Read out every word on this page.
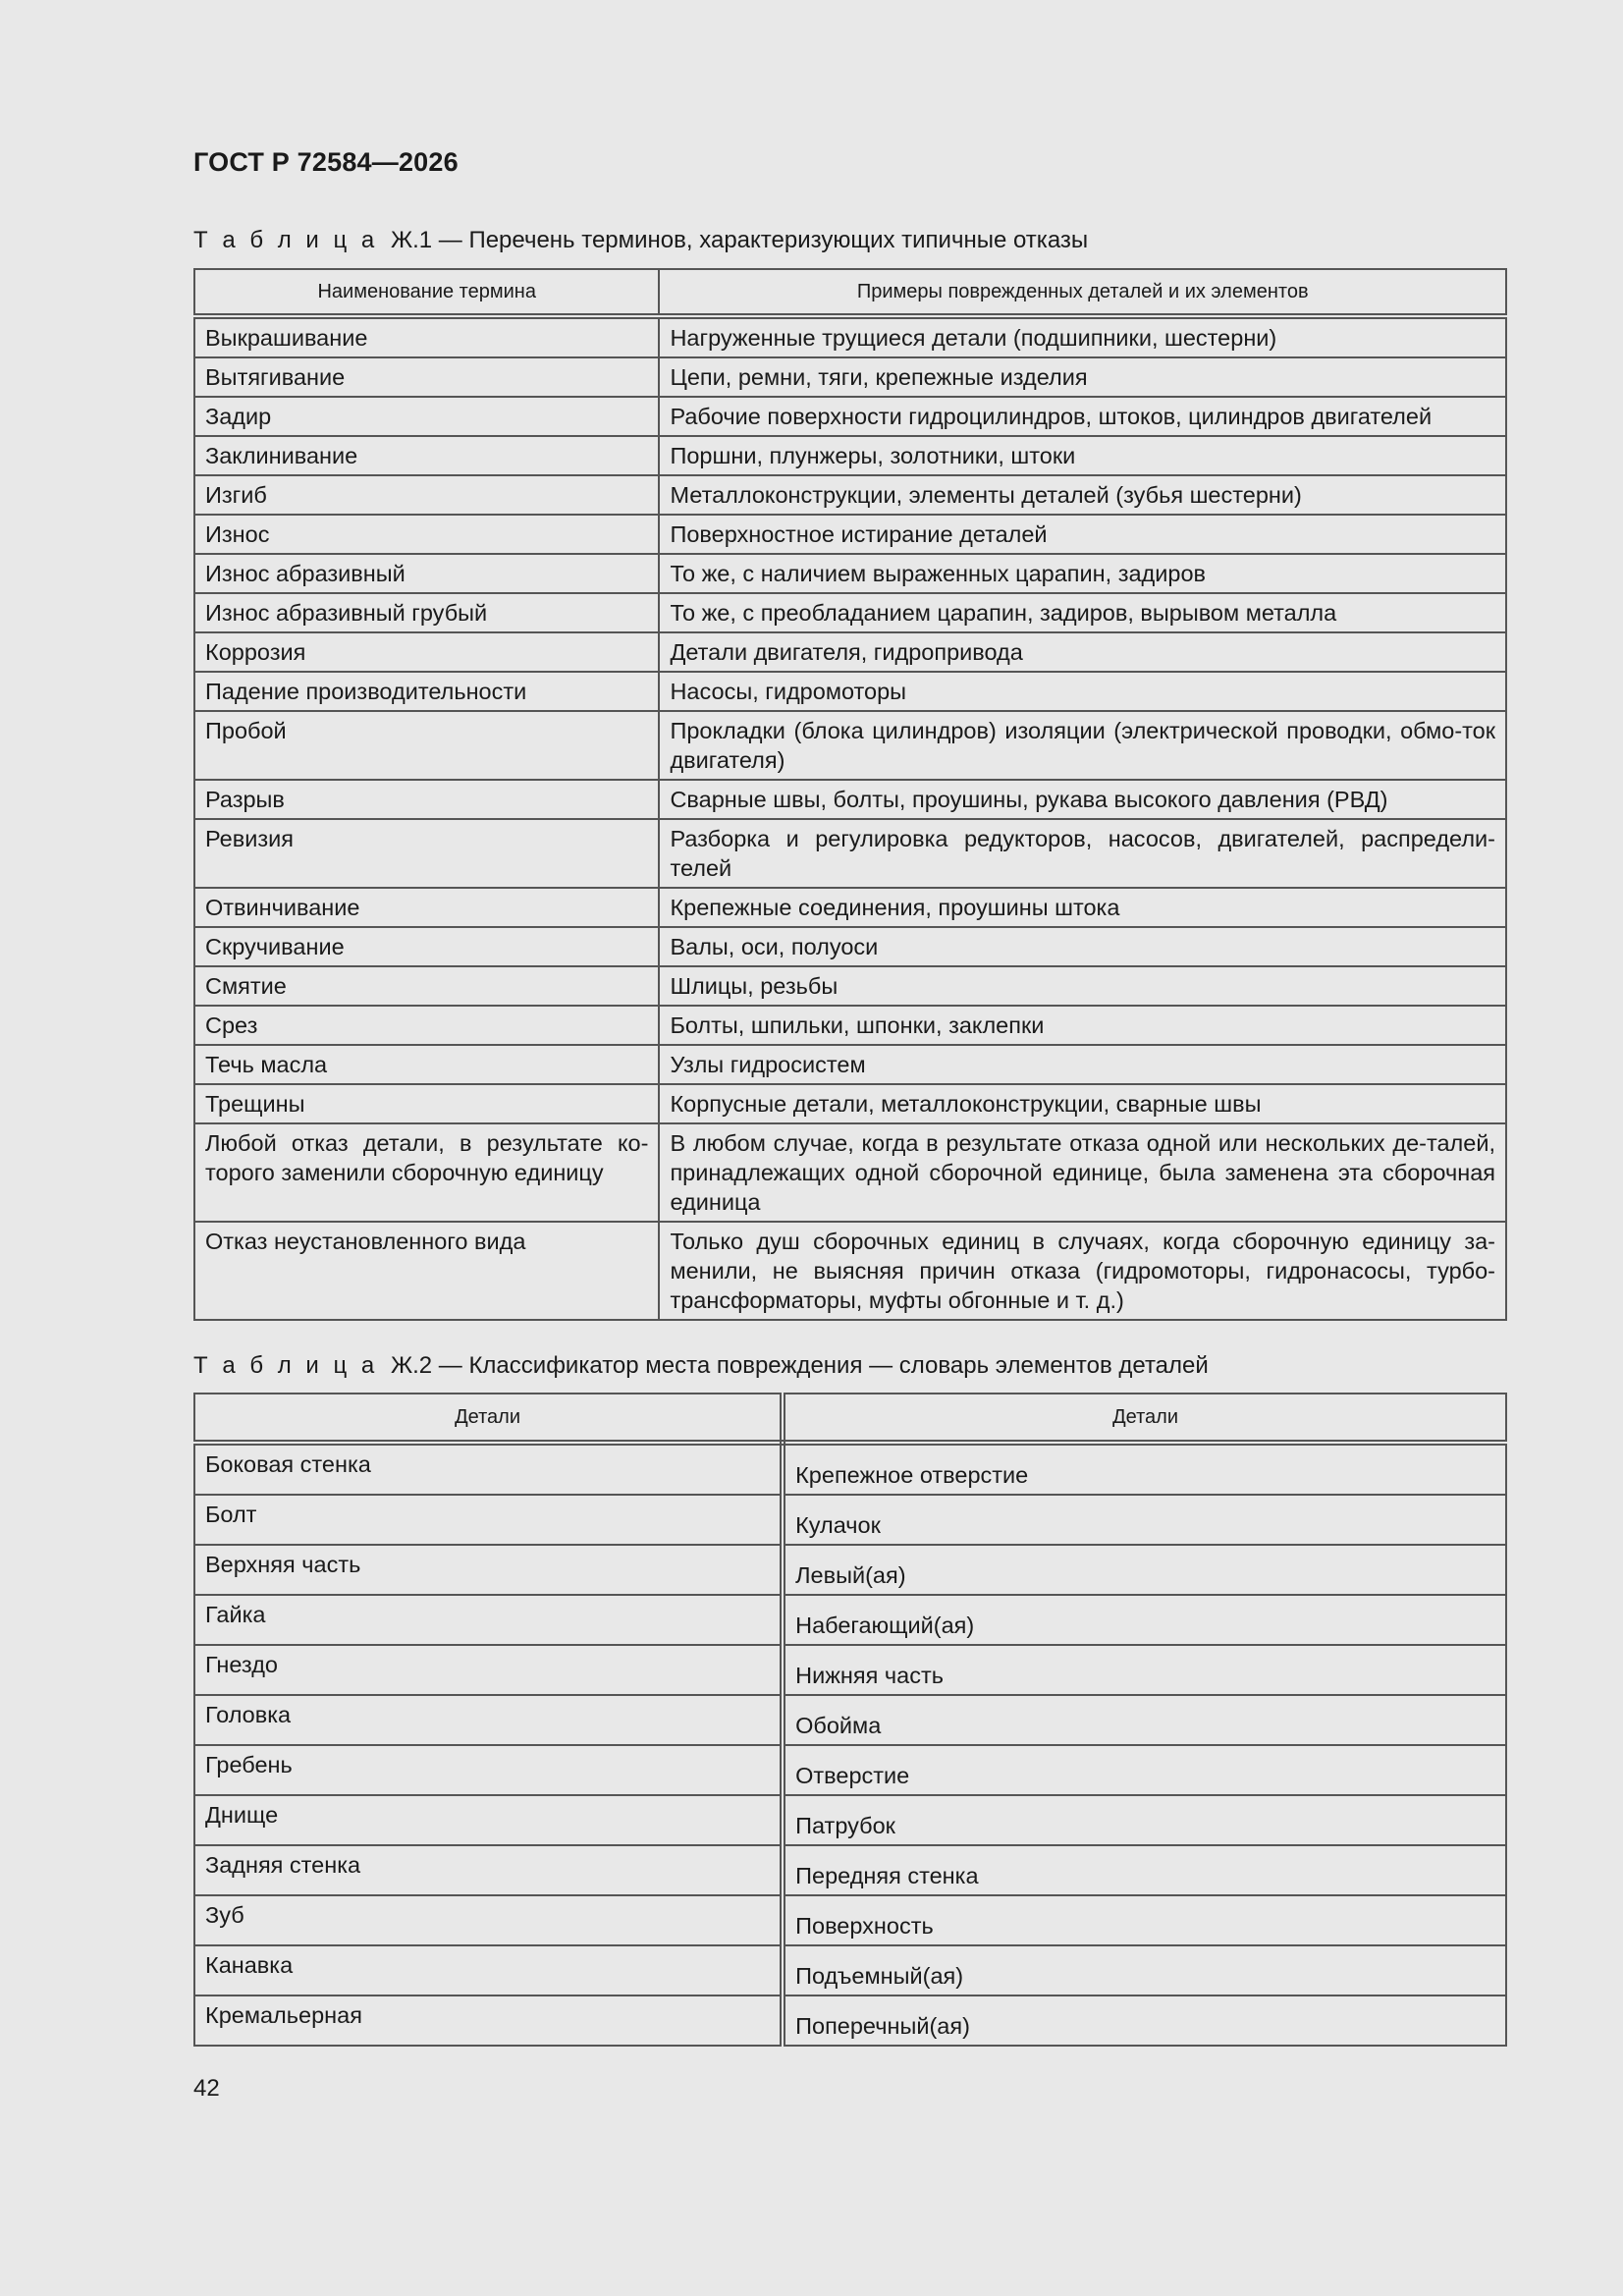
ГОСТ Р 72584—2026
Т а б л и ц а Ж.1 — Перечень терминов, характеризующих типичные отказы
Наименование термина	Примеры поврежденных деталей и их элементов
Выкрашивание	Нагруженные трущиеся детали (подшипники, шестерни)
Вытягивание	Цепи, ремни, тяги, крепежные изделия
Задир	Рабочие поверхности гидроцилиндров, штоков, цилиндров двигателей
Заклинивание	Поршни, плунжеры, золотники, штоки
Изгиб	Металлоконструкции, элементы деталей (зубья шестерни)
Износ	Поверхностное истирание деталей
Износ абразивный	То же, с наличием выраженных царапин, задиров
Износ абразивный грубый	То же, с преобладанием царапин, задиров, вырывом металла
Коррозия	Детали двигателя, гидропривода
Падение производительности	Насосы, гидромоторы
Пробой	Прокладки (блока цилиндров) изоляции (электрической проводки, обмо-ток двигателя)
Разрыв	Сварные швы, болты, проушины, рукава высокого давления (РВД)
Ревизия	Разборка и регулировка редукторов, насосов, двигателей, распредели-телей
Отвинчивание	Крепежные соединения, проушины штока
Скручивание	Валы, оси, полуоси
Смятие	Шлицы, резьбы
Срез	Болты, шпильки, шпонки, заклепки
Течь масла	Узлы гидросистем
Трещины	Корпусные детали, металлоконструкции, сварные швы
Любой отказ детали, в результате ко-торого заменили сборочную единицу	В любом случае, когда в результате отказа одной или нескольких де-талей, принадлежащих одной сборочной единице, была заменена эта сборочная единица
Отказ неустановленного вида	Только душ сборочных единиц в случаях, когда сборочную единицу за-менили, не выясняя причин отказа (гидромоторы, гидронасосы, турбо-трансформаторы, муфты обгонные и т. д.)
Т а б л и ц а Ж.2 — Классификатор места повреждения — словарь элементов деталей
Детали	Детали
Боковая стенка	Крепежное отверстие
Болт	Кулачок
Верхняя часть	Левый(ая)
Гайка	Набегающий(ая)
Гнездо	Нижняя часть
Головка	Обойма
Гребень	Отверстие
Днище	Патрубок
Задняя стенка	Передняя стенка
Зуб	Поверхность
Канавка	Подъемный(ая)
Кремальерная	Поперечный(ая)
42
